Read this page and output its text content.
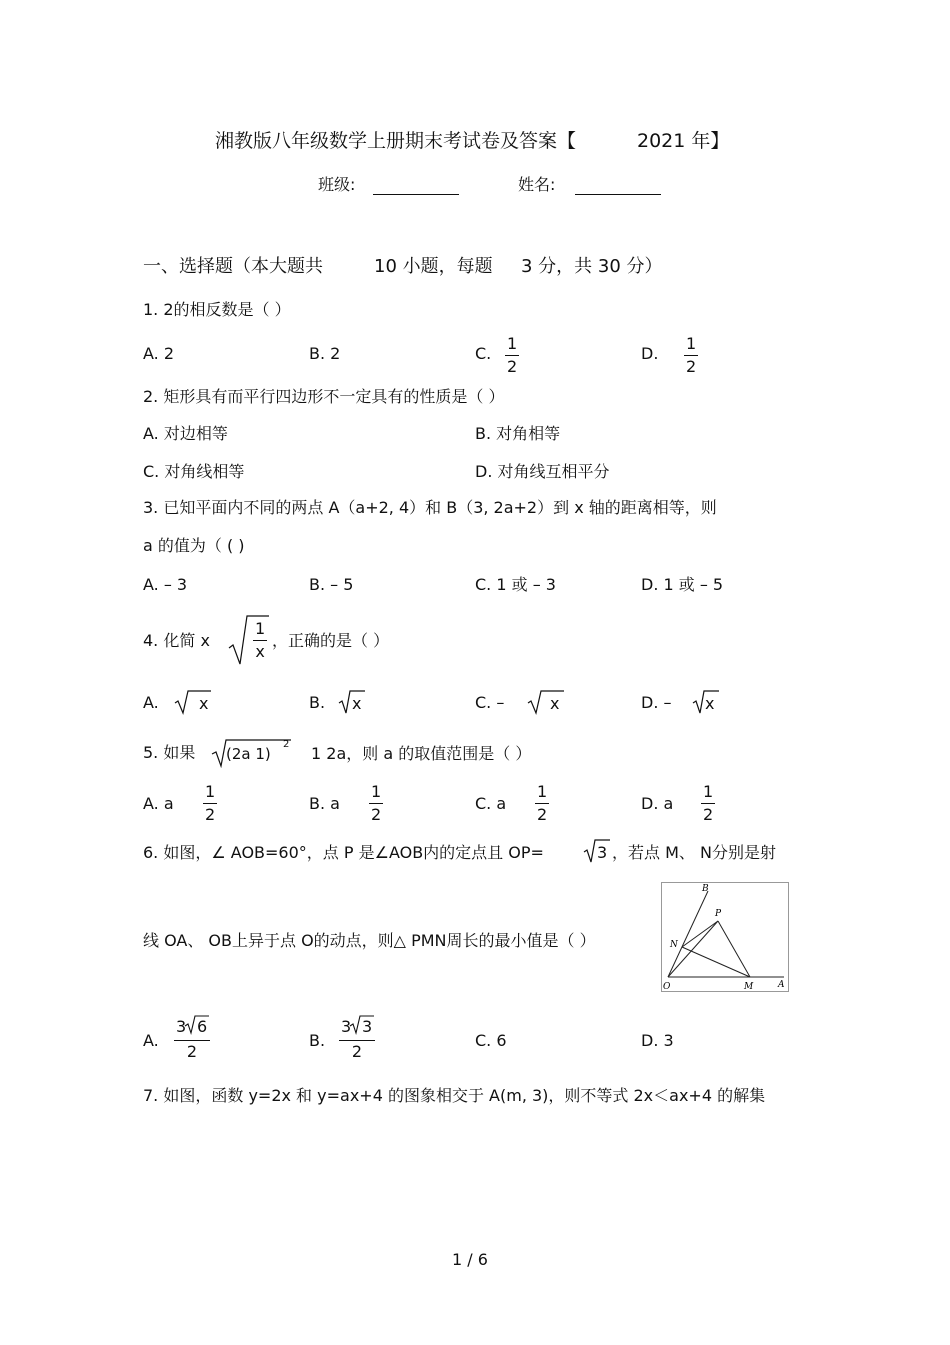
湘教版八年级数学上册期末考试卷及答案【	2021 年】
班级:	姓名:
一、选择题（本大题共	10 小题，每题 3 分，共 30 分）
1. 2的相反数是（ ）
A. 2	B. 2	C.
1
2
D.
1
2
2. 矩形具有而平行四边形不一定具有的性质是（ ）
A. 对边相等	B. 对角相等
C. 对角线相等	D. 对角线互相平分
3. 已知平面内不同的两点 A（a+2, 4）和 B（3, 2a+2）到 x 轴的距离相等，则
a 的值为（ ( )
A. – 3	B. – 5	C. 1 或 – 3	D. 1 或 – 5
4. 化简 x
1
x
，正确的是（ ）
A.	x	B. x	C. –	x	D. – x
5. 如果 (2a 1)
2 1 2a，则 a 的取值范围是（ ）
A. a
1
2
B. a
1
2
C. a
1
2
D. a
1
2
6. 如图，∠ AOB=60°，点 P 是∠AOB内的定点且 OP=	3 ，若点 M、 N分别是射
线 OA、 OB上异于点 O的动点，则△ PMN周长的最小值是（ ）
B
P
N
O	M	A
A.
3 6
2
B.
3 3
2
C. 6	D. 3
7. 如图，函数 y=2x 和 y=ax+4 的图象相交于 A(m, 3)，则不等式 2x＜ax+4 的解集
1 / 6
